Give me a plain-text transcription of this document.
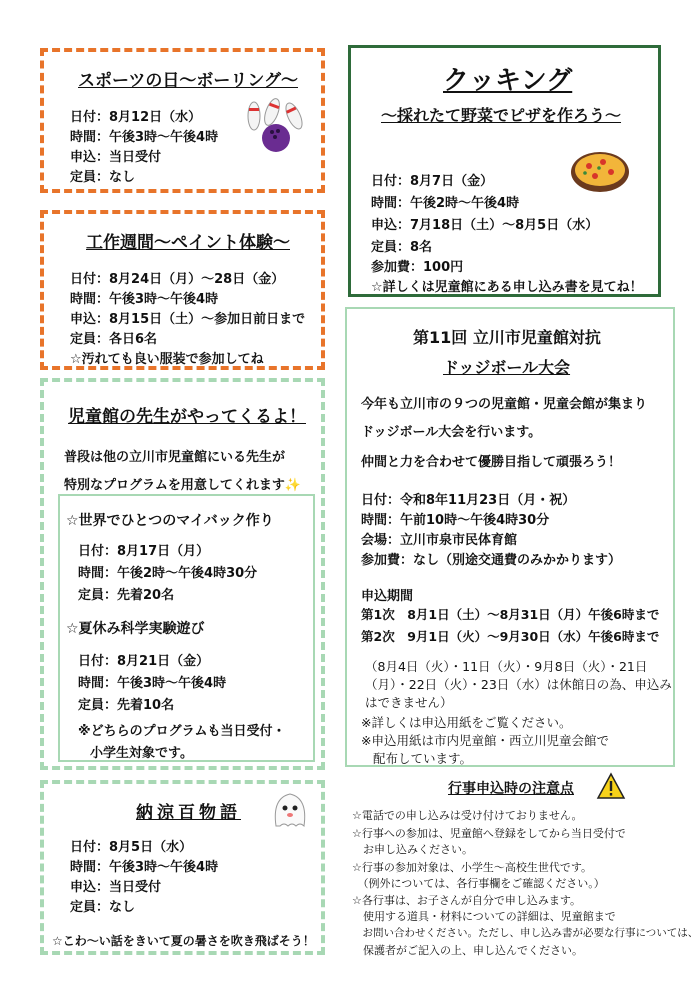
スポーツの日〜ボーリング〜
日付：8月12日（水）
時間：午後3時〜午後4時
申込：当日受付
定員：なし
工作週間〜ペイント体験〜
日付：8月24日（月）〜28日（金）
時間：午後3時〜午後4時
申込：8月15日（土）〜参加日前日まで
定員：各日6名
☆汚れても良い服装で参加してね
児童館の先生がやってくるよ！
普段は他の立川市児童館にいる先生が
特別なプログラムを用意してくれます✨
☆世界でひとつのマイバック作り
日付：8月17日（月）
時間：午後2時〜午後4時30分
定員：先着20名
☆夏休み科学実験遊び
日付：8月21日（金）
時間：午後3時〜午後4時
定員：先着10名
※どちらのプログラムも当日受付・
小学生対象です。
納涼百物語
日付：8月5日（水）
時間：午後3時〜午後4時
申込：当日受付
定員：なし
☆こわ〜い話をきいて夏の暑さを吹き飛ばそう！
クッキング
〜採れたて野菜でピザを作ろう〜
日付：8月7日（金）
時間：午後2時〜午後4時
申込：7月18日（土）〜8月5日（水）
定員：8名
参加費：100円
☆詳しくは児童館にある申し込み書を見てね！
第11回 立川市児童館対抗
ドッジボール大会
今年も立川市の９つの児童館・児童会館が集まり
ドッジボール大会を行います。
仲間と力を合わせて優勝目指して頑張ろう！
日付：令和8年11月23日（月・祝）
時間：午前10時〜午後4時30分
会場：立川市泉市民体育館
参加費：なし（別途交通費のみかかります）
申込期間
第1次　8月1日（土）〜8月31日（月）午後6時まで
第2次　9月1日（火）〜9月30日（水）午後6時まで
（8月4日（火）・11日（火）・9月8日（火）・21日
（月）・22日（火）・23日（水）は休館日の為、申込み
はできません）
※詳しくは申込用紙をご覧ください。
※申込用紙は市内児童館・西立川児童会館で
配布しています。
行事申込時の注意点
☆電話での申し込みは受け付けておりません。
☆行事への参加は、児童館へ登録をしてから当日受付で
　お申し込みください。
☆行事の参加対象は、小学生〜高校生世代です。
　（例外については、各行事欄をご確認ください。）
☆各行事は、お子さんが自分で申し込みます。
　使用する道具・材料についての詳細は、児童館まで
　お問い合わせください。ただし、申し込み書が必要な行事については、
　保護者がご記入の上、申し込んでください。
